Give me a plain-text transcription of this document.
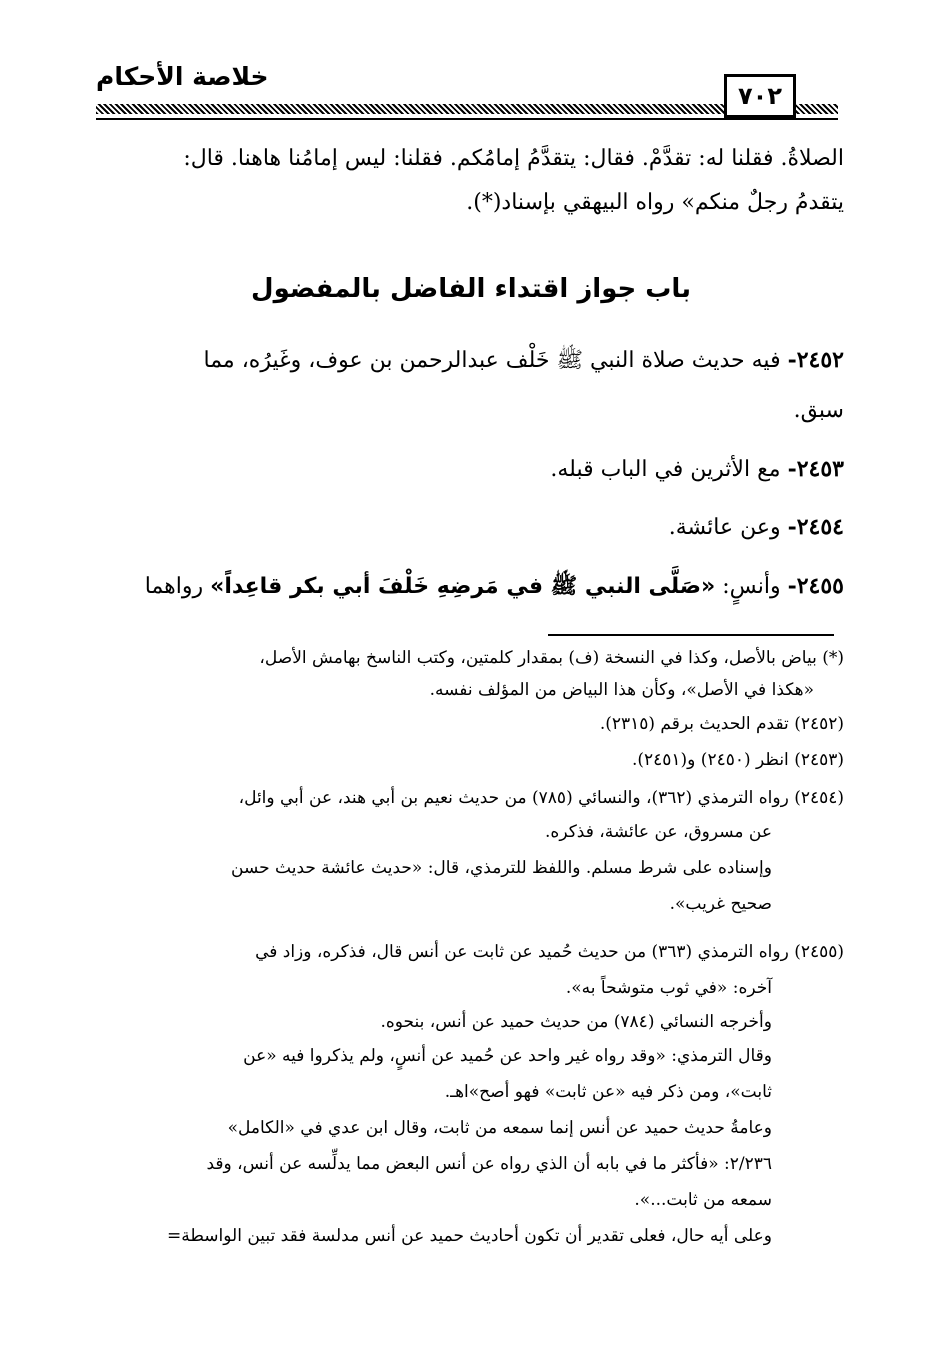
خلاصة الأحكام
٧٠٢
الصلاةُ. فقلنا له: تقدَّمْ. فقال: يتقدَّمُ إمامُكم. فقلنا: ليس إمامُنا هاهنا. قال:
يتقدمُ رجلٌ منكم» رواه البيهقي بإسناد(*).
باب جواز اقتداء الفاضل بالمفضول
٢٤٥٢- فيه حديث صلاة النبي ﷺ خَلْف عبدالرحمن بن عوف، وغَيرُه، مما
سبق.
٢٤٥٣- مع الأثرين في الباب قبله.
٢٤٥٤- وعن عائشة.
٢٤٥٥- وأنسٍ: «صَلَّى النبي ﷺ في مَرضِهِ خَلْفَ أبي بكر قاعِداً» رواهما
(*) بياض بالأصل، وكذا في النسخة (ف) بمقدار كلمتين، وكتب الناسخ بهامش الأصل،
«هكذا في الأصل»، وكأن هذا البياض من المؤلف نفسه.
(٢٤٥٢) تقدم الحديث برقم (٢٣١٥).
(٢٤٥٣) انظر (٢٤٥٠) و(٢٤٥١).
(٢٤٥٤) رواه الترمذي (٣٦٢)، والنسائي (٧٨٥) من حديث نعيم بن أبي هند، عن أبي وائل،
عن مسروق، عن عائشة، فذكره.
وإسناده على شرط مسلم. واللفظ للترمذي، قال: «حديث عائشة حديث حسن
صحيح غريب».
(٢٤٥٥) رواه الترمذي (٣٦٣) من حديث حُميد عن ثابت عن أنس قال، فذكره، وزاد في
آخره: «في ثوب متوشحاً به».
وأخرجه النسائي (٧٨٤) من حديث حميد عن أنس، بنحوه.
وقال الترمذي: «وقد رواه غير واحد عن حُميد عن أنسٍ، ولم يذكروا فيه «عن
ثابت»، ومن ذكر فيه «عن ثابت» فهو أصح»اهـ.
وعامةُ حديث حميد عن أنس إنما سمعه من ثابت، وقال ابن عدي في «الكامل»
٢/٢٣٦: «فأكثر ما في بابه أن الذي رواه عن أنس البعض مما يدلِّسه عن أنس، وقد
سمعه من ثابت...».
وعلى أيه حال، فعلى تقدير أن تكون أحاديث حميد عن أنس مدلسة فقد تبين الواسطة=
